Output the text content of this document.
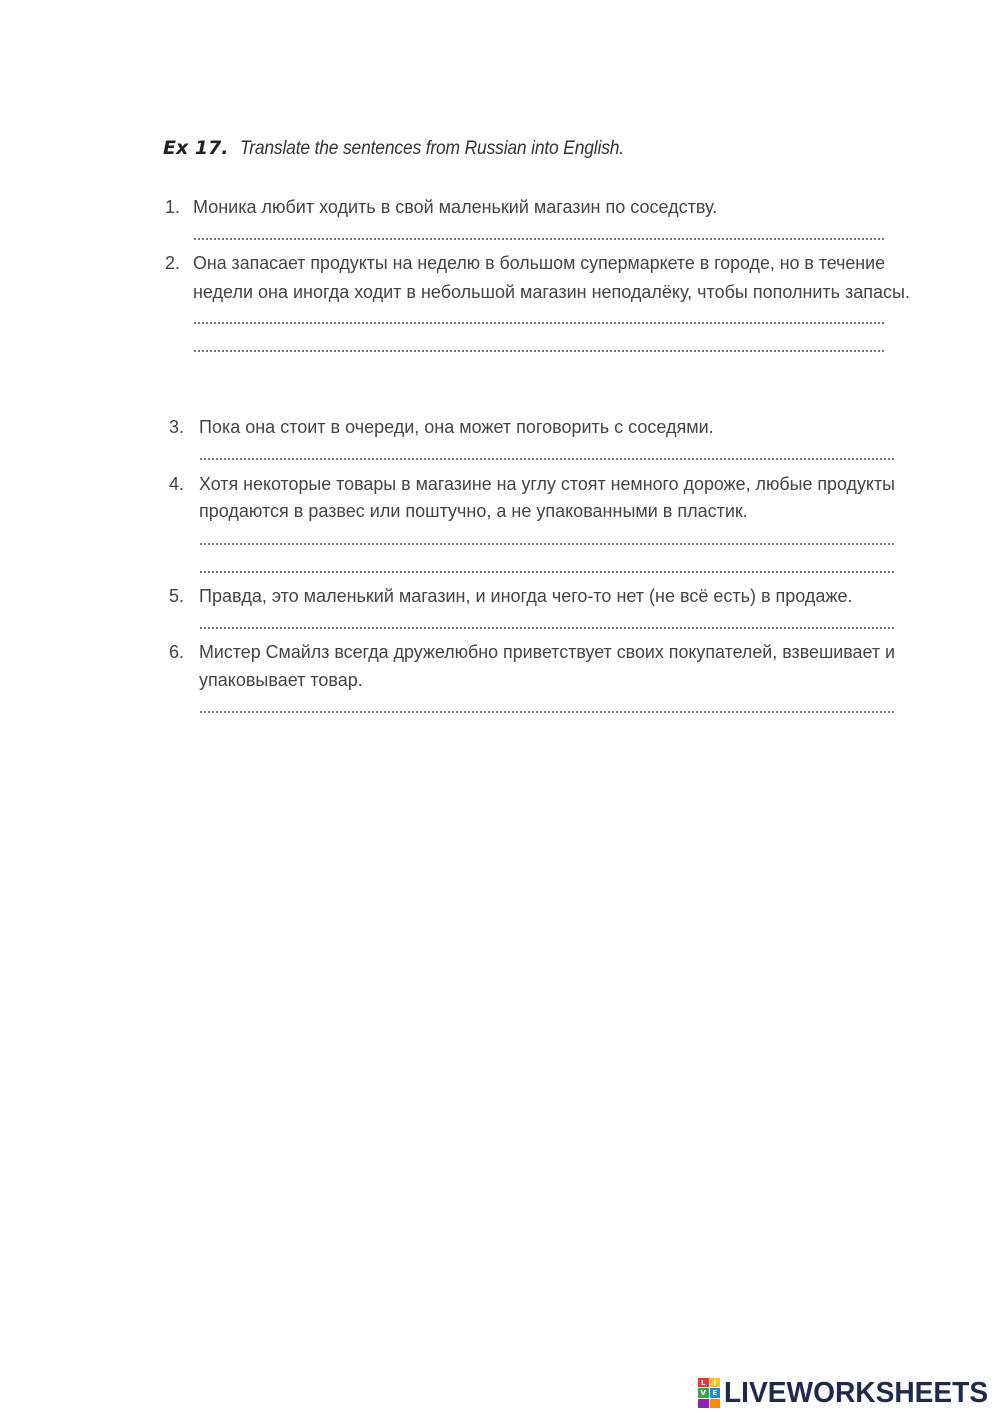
Ex 17. Translate the sentences from Russian into English.
1. Моника любит ходить в свой маленький магазин по соседству.
2. Она запасает продукты на неделю в большом супермаркете в городе, но в течение
недели она иногда ходит в небольшой магазин неподалёку, чтобы пополнить запасы.
3. Пока она стоит в очереди, она может поговорить с соседями.
4. Хотя некоторые товары в магазине на углу стоят немного дороже, любые продукты
продаются в развес или поштучно, а не упакованными в пластик.
5. Правда, это маленький магазин, и иногда чего-то нет (не всё есть) в продаже.
6. Мистер Смайлз всегда дружелюбно приветствует своих покупателей, взвешивает и
упаковывает товар.
L	I
V E LIVEWORKSHEETS
